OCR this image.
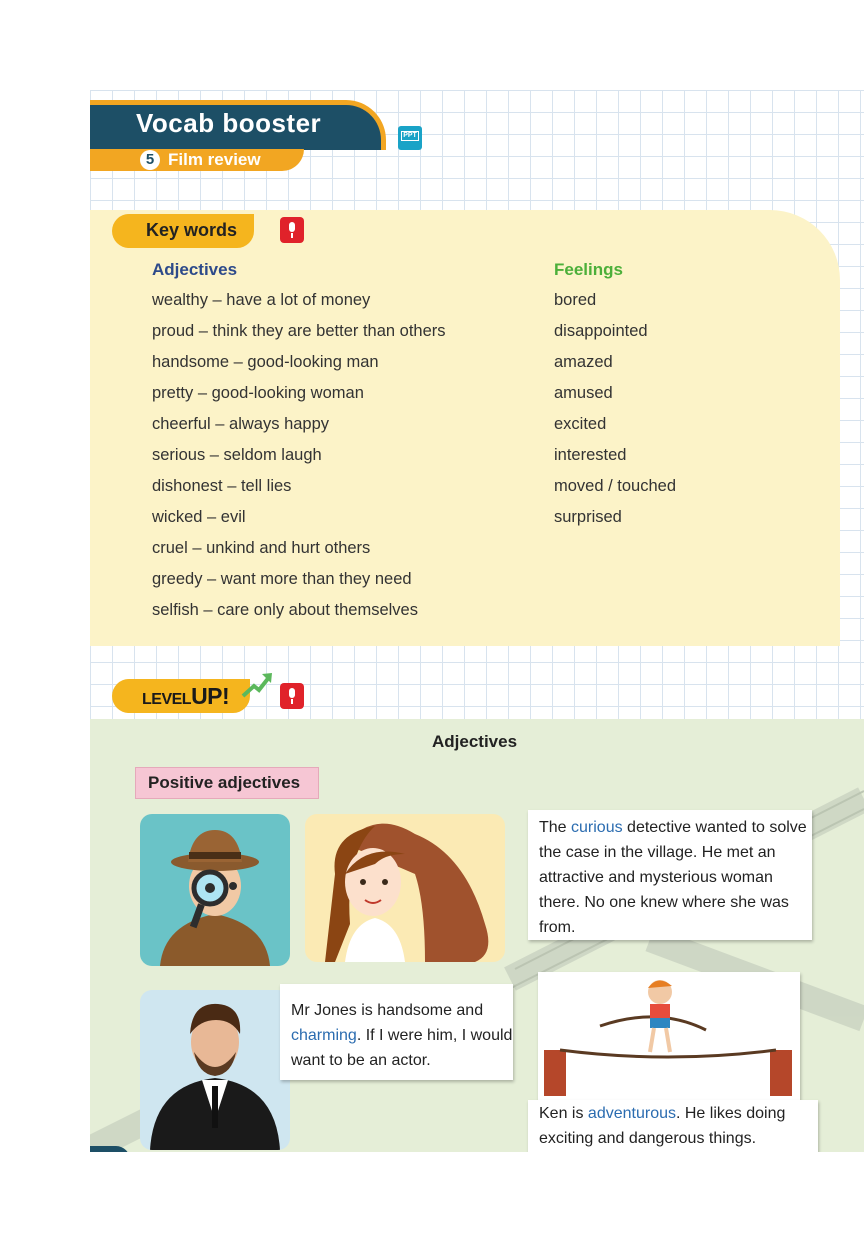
Vocab booster
5 Film review
PPT
Key words
Adjectives
wealthy – have a lot of money
proud – think they are better than others
handsome – good-looking man
pretty – good-looking woman
cheerful – always happy
serious – seldom laugh
dishonest – tell lies
wicked – evil
cruel – unkind and hurt others
greedy – want more than they need
selfish – care only about themselves
Feelings
bored
disappointed
amazed
amused
excited
interested
moved / touched
surprised
LEVELUP!
Adjectives
Positive adjectives
The curious detective wanted to solve the case in the village. He met an attractive and mysterious woman there. No one knew where she was from.
Mr Jones is handsome and charming. If I were him, I would want to be an actor.
Ken is adventurous. He likes doing exciting and dangerous things.
